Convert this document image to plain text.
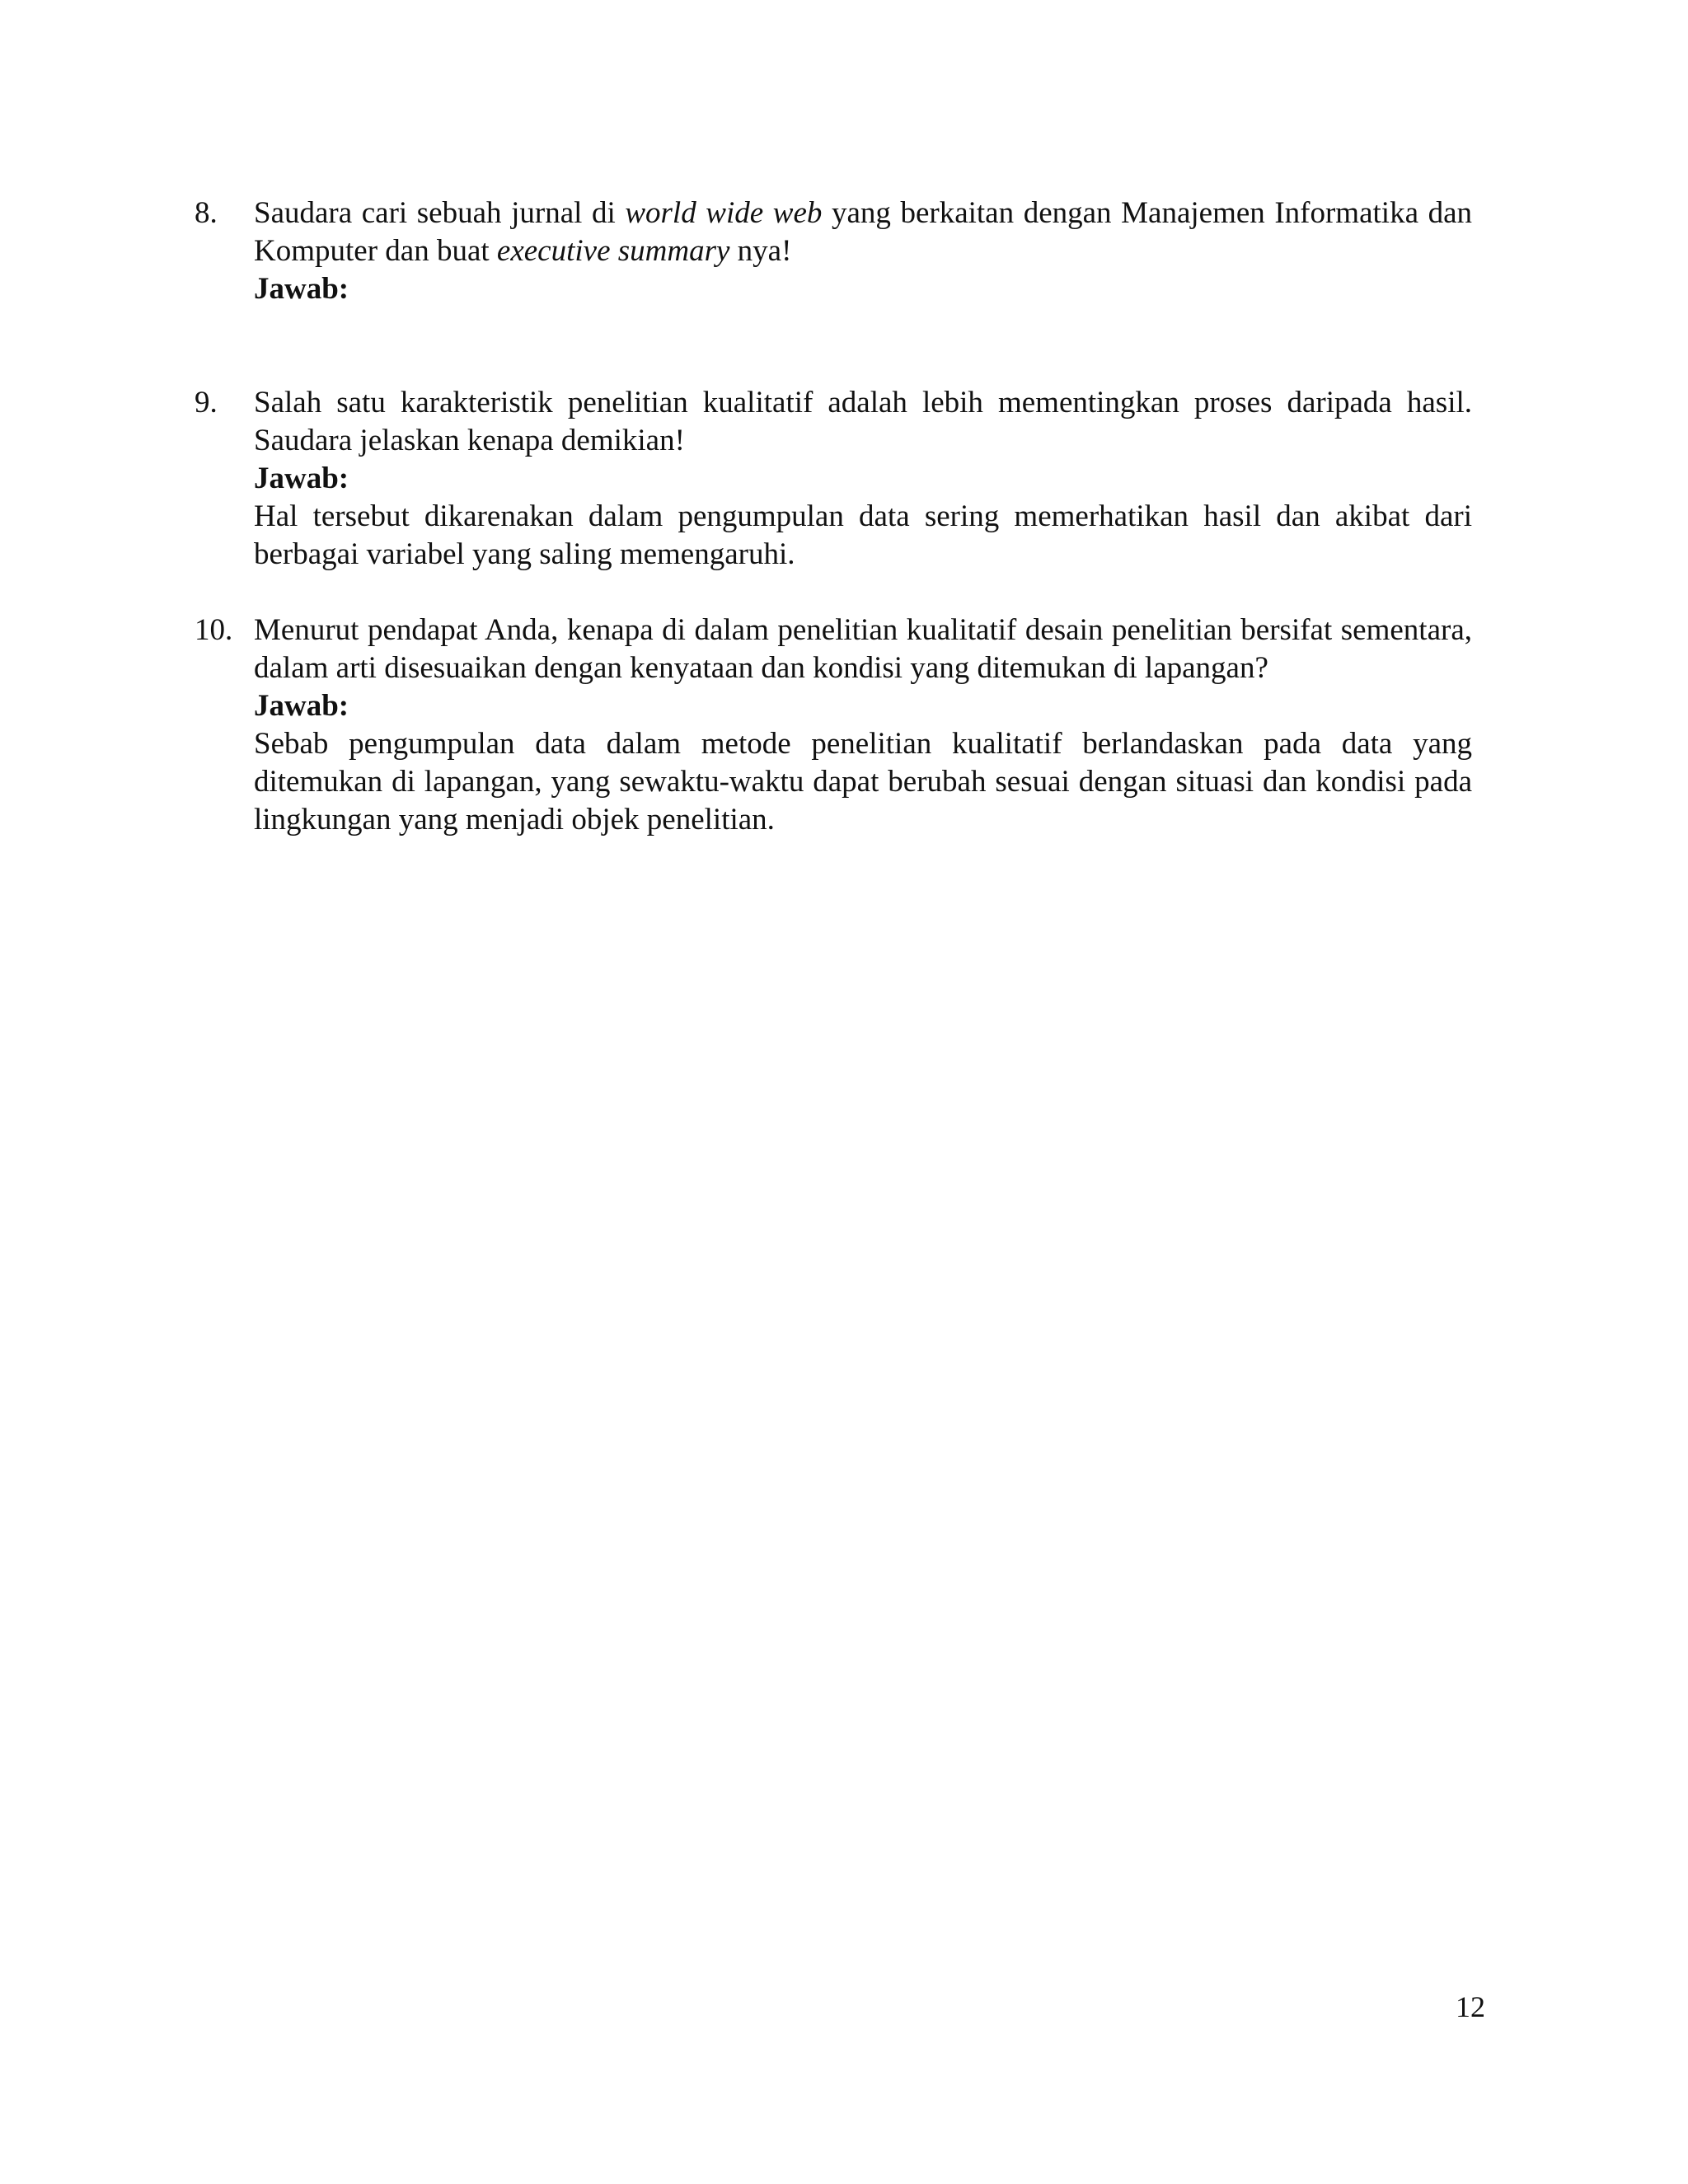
8.	Saudara cari sebuah jurnal di world wide web yang berkaitan dengan Manajemen Informatika dan Komputer dan buat executive summary nya!
Jawab:
9.	Salah satu karakteristik penelitian kualitatif adalah lebih mementingkan proses daripada hasil. Saudara jelaskan kenapa demikian!
Jawab:
Hal tersebut dikarenakan dalam pengumpulan data sering memerhatikan hasil dan akibat dari berbagai variabel yang saling memengaruhi.
10. Menurut pendapat Anda, kenapa di dalam penelitian kualitatif desain penelitian bersifat sementara, dalam arti disesuaikan dengan kenyataan dan kondisi yang ditemukan di lapangan?
Jawab:
Sebab pengumpulan data dalam metode penelitian kualitatif berlandaskan pada data yang ditemukan di lapangan, yang sewaktu-waktu dapat berubah sesuai dengan situasi dan kondisi pada lingkungan yang menjadi objek penelitian.
12
